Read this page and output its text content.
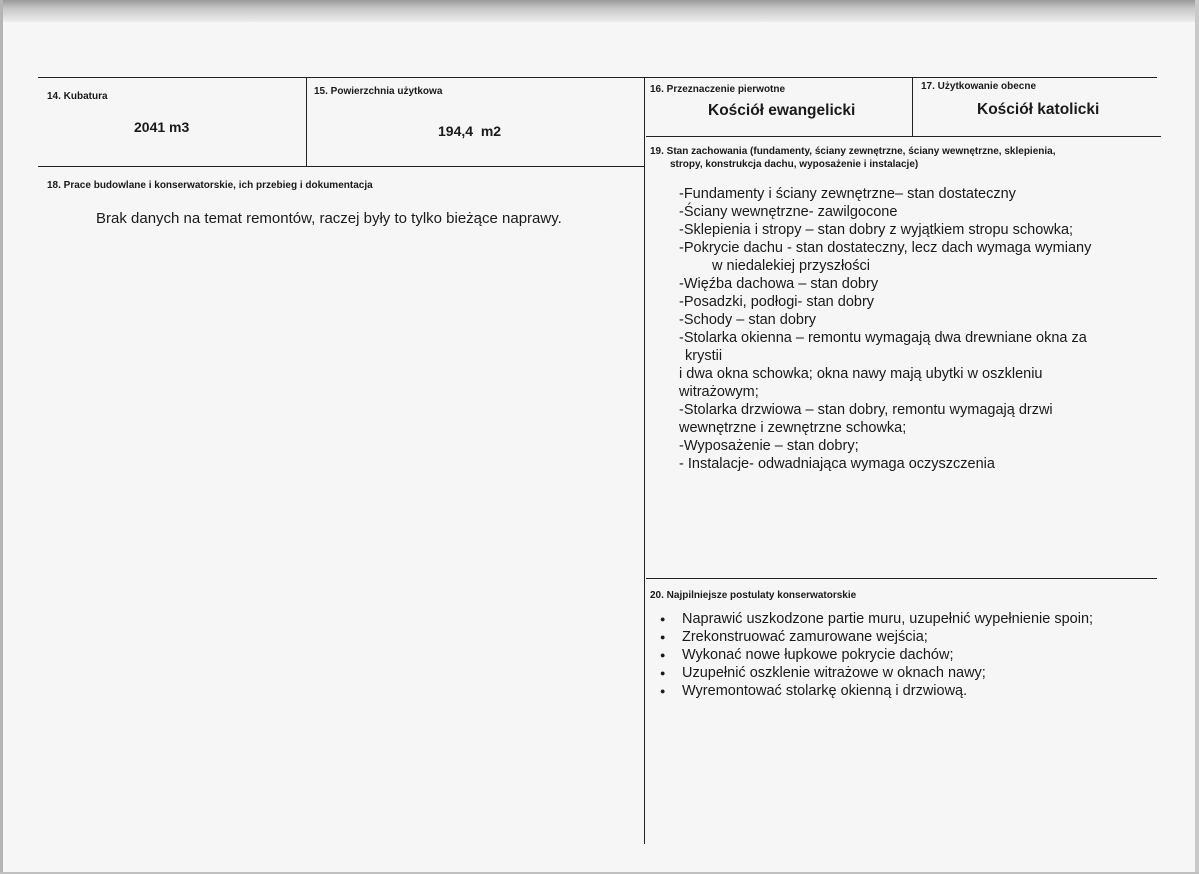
14. Kubatura
2041 m3
15. Powierzchnia użytkowa
194,4  m2
16. Przeznaczenie pierwotne
Kościół ewangelicki
17. Użytkowanie obecne
Kościół katolicki
18. Prace budowlane i konserwatorskie, ich przebieg i dokumentacja
Brak danych na temat remontów, raczej były to tylko bieżące naprawy.
19. Stan zachowania (fundamenty, ściany zewnętrzne, ściany wewnętrzne, sklepienia,
stropy, konstrukcja dachu, wyposażenie i instalacje)
-Fundamenty i ściany zewnętrzne– stan dostateczny
-Ściany wewnętrzne- zawilgocone
-Sklepienia i stropy – stan dobry z wyjątkiem stropu schowka;
-Pokrycie dachu - stan dostateczny, lecz dach wymaga wymiany
w niedalekiej przyszłości
-Więźba dachowa – stan dobry
-Posadzki, podłogi- stan dobry
-Schody – stan dobry
-Stolarka okienna – remontu wymagają dwa drewniane okna za
krystii
i dwa okna schowka; okna nawy mają ubytki w oszkleniu
witrażowym;
-Stolarka drzwiowa – stan dobry, remontu wymagają drzwi
wewnętrzne i zewnętrzne schowka;
-Wyposażenie – stan dobry;
- Instalacje- odwadniająca wymaga oczyszczenia
20. Najpilniejsze postulaty konserwatorskie
● Naprawić uszkodzone partie muru, uzupełnić wypełnienie spoin;
● Zrekonstruować zamurowane wejścia;
● Wykonać nowe łupkowe pokrycie dachów;
● Uzupełnić oszklenie witrażowe w oknach nawy;
● Wyremontować stolarkę okienną i drzwiową.
